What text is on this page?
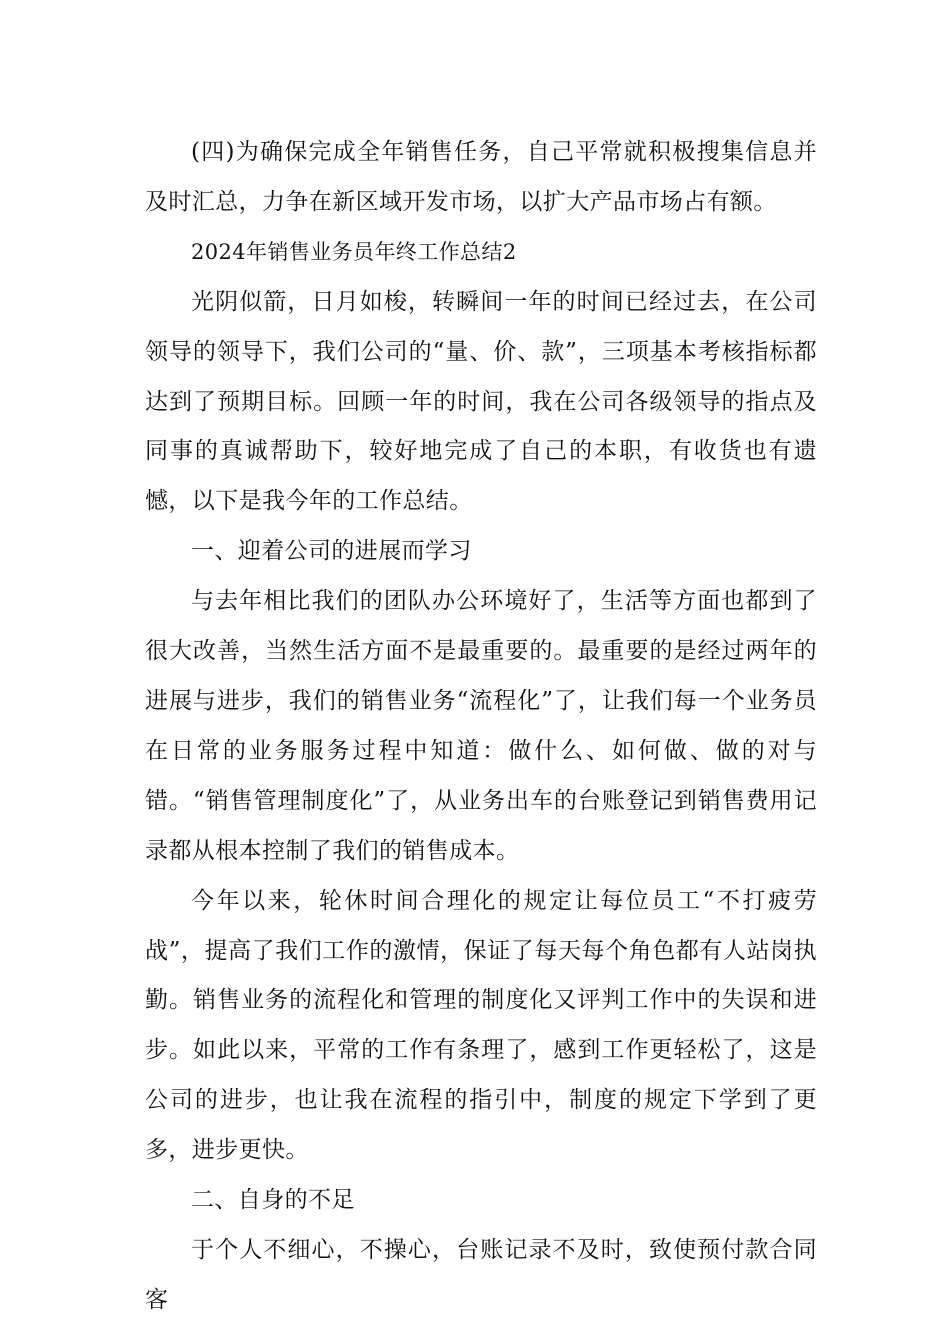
(四)为确保完成全年销售任务，自己平常就积极搜集信息并及时汇总，力争在新区域开发市场，以扩大产品市场占有额。

2024年销售业务员年终工作总结2

光阴似箭，日月如梭，转瞬间一年的时间已经过去，在公司领导的领导下，我们公司的“量、价、款”，三项基本考核指标都达到了预期目标。回顾一年的时间，我在公司各级领导的指点及同事的真诚帮助下，较好地完成了自己的本职，有收货也有遗憾，以下是我今年的工作总结。

一、迎着公司的进展而学习

与去年相比我们的团队办公环境好了，生活等方面也都到了很大改善，当然生活方面不是最重要的。最重要的是经过两年的进展与进步，我们的销售业务“流程化”了，让我们每一个业务员在日常的业务服务过程中知道：做什么、如何做、做的对与错。“销售管理制度化”了，从业务出车的台账登记到销售费用记录都从根本控制了我们的销售成本。

今年以来，轮休时间合理化的规定让每位员工“不打疲劳战”，提高了我们工作的激情，保证了每天每个角色都有人站岗执勤。销售业务的流程化和管理的制度化又评判工作中的失误和进步。如此以来，平常的工作有条理了，感到工作更轻松了，这是公司的进步，也让我在流程的指引中，制度的规定下学到了更多，进步更快。

二、自身的不足

于个人不细心，不操心，台账记录不及时，致使预付款合同客
